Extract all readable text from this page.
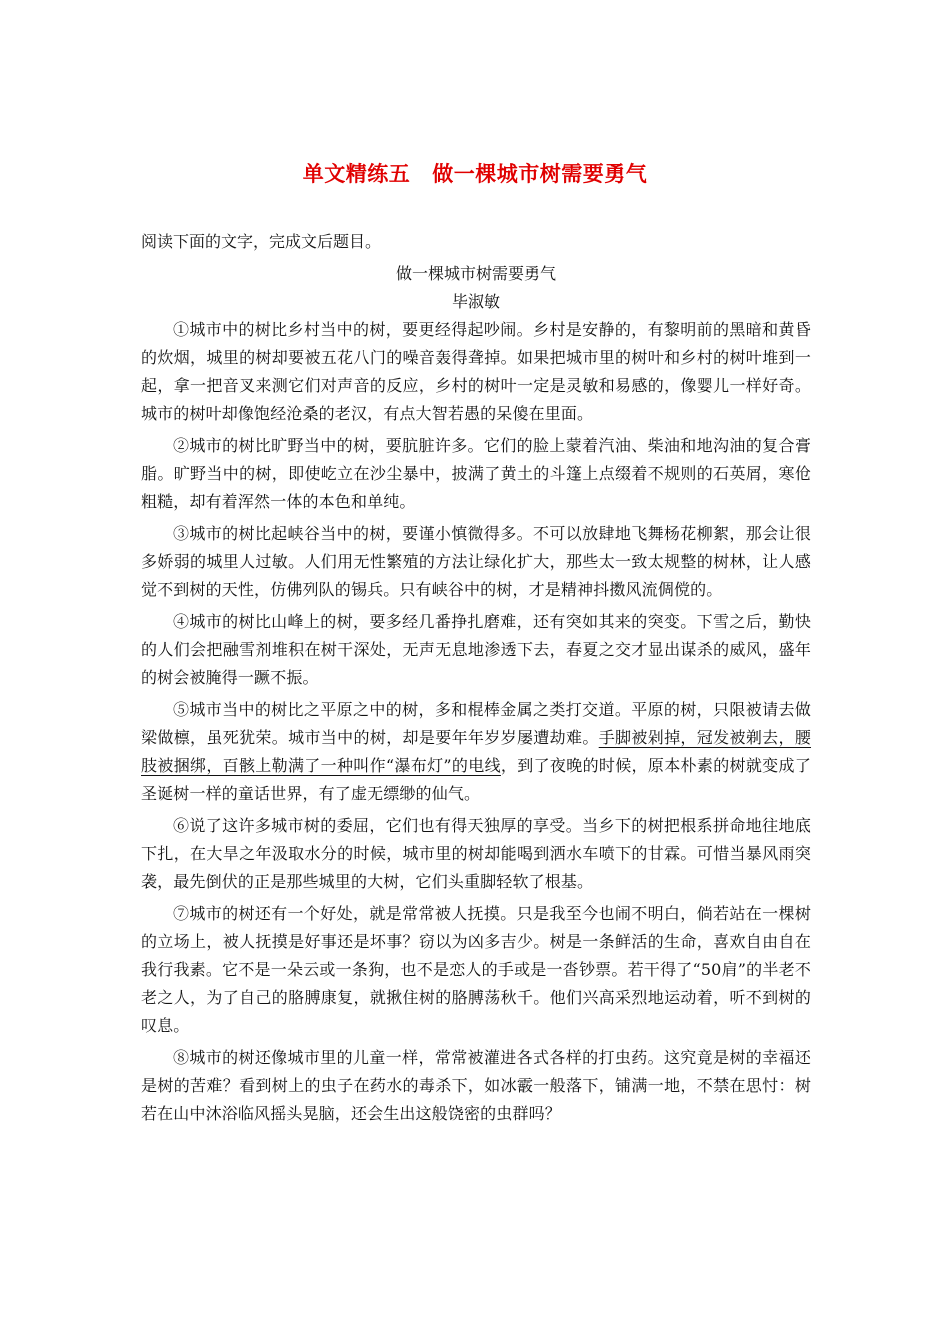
单文精练五 做一棵城市树需要勇气

阅读下面的文字，完成文后题目。

做一棵城市树需要勇气

毕淑敏

①城市中的树比乡村当中的树，要更经得起吵闹。乡村是安静的，有黎明前的黑暗和黄昏的炊烟，城里的树却要被五花八门的噪音轰得聋掉。如果把城市里的树叶和乡村的树叶堆到一起，拿一把音叉来测它们对声音的反应，乡村的树叶一定是灵敏和易感的，像婴儿一样好奇。城市的树叶却像饱经沧桑的老汉，有点大智若愚的呆傻在里面。

②城市的树比旷野当中的树，要肮脏许多。它们的脸上蒙着汽油、柴油和地沟油的复合膏脂。旷野当中的树，即使屹立在沙尘暴中，披满了黄土的斗篷上点缀着不规则的石英屑，寒伧粗糙，却有着浑然一体的本色和单纯。

③城市的树比起峡谷当中的树，要谨小慎微得多。不可以放肆地飞舞杨花柳絮，那会让很多娇弱的城里人过敏。人们用无性繁殖的方法让绿化扩大，那些太一致太规整的树林，让人感觉不到树的天性，仿佛列队的锡兵。只有峡谷中的树，才是精神抖擞风流倜傥的。

④城市的树比山峰上的树，要多经几番挣扎磨难，还有突如其来的突变。下雪之后，勤快的人们会把融雪剂堆积在树干深处，无声无息地渗透下去，春夏之交才显出谋杀的威风，盛年的树会被腌得一蹶不振。

⑤城市当中的树比之平原之中的树，多和棍棒金属之类打交道。平原的树，只限被请去做梁做檩，虽死犹荣。城市当中的树，却是要年年岁岁屡遭劫难。手脚被剁掉，冠发被剃去，腰肢被捆绑，百骸上勒满了一种叫作“瀑布灯”的电线，到了夜晚的时候，原本朴素的树就变成了圣诞树一样的童话世界，有了虚无缥缈的仙气。

⑥说了这许多城市树的委屈，它们也有得天独厚的享受。当乡下的树把根系拼命地往地底下扎，在大旱之年汲取水分的时候，城市里的树却能喝到洒水车喷下的甘霖。可惜当暴风雨突袭，最先倒伏的正是那些城里的大树，它们头重脚轻软了根基。

⑦城市的树还有一个好处，就是常常被人抚摸。只是我至今也闹不明白，倘若站在一棵树的立场上，被人抚摸是好事还是坏事？窃以为凶多吉少。树是一条鲜活的生命，喜欢自由自在我行我素。它不是一朵云或一条狗，也不是恋人的手或是一沓钞票。若干得了“50肩”的半老不老之人，为了自己的胳膊康复，就揪住树的胳膊荡秋千。他们兴高采烈地运动着，听不到树的叹息。

⑧城市的树还像城市里的儿童一样，常常被灌进各式各样的打虫药。这究竟是树的幸福还是树的苦难？看到树上的虫子在药水的毒杀下，如冰霰一般落下，铺满一地，不禁在思忖：树若在山中沐浴临风摇头晃脑，还会生出这般饶密的虫群吗？
